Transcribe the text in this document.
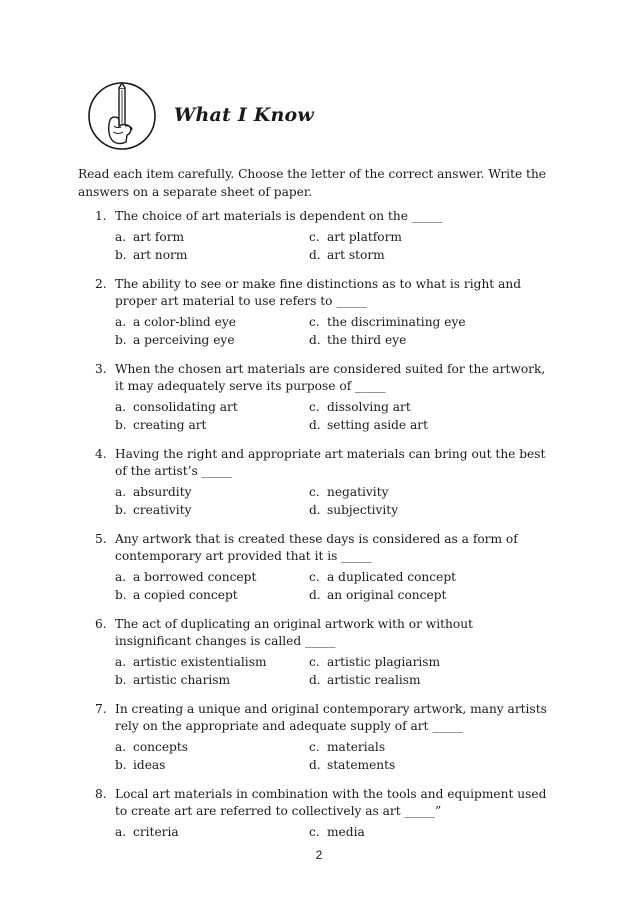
What I Know
Read each item carefully. Choose the letter of the correct answer. Write the answers on a separate sheet of paper.
1. The choice of art materials is dependent on the _____
a. art form	c. art platform
b. art norm	d. art storm
2. The ability to see or make fine distinctions as to what is right and proper art material to use refers to _____
a. a color-blind eye	c. the discriminating eye
b. a perceiving eye	d. the third eye
3. When the chosen art materials are considered suited for the artwork, it may adequately serve its purpose of _____
a. consolidating art	c. dissolving art
b. creating art	d. setting aside art
4. Having the right and appropriate art materials can bring out the best of the artist’s _____
a. absurdity	c. negativity
b. creativity	d. subjectivity
5. Any artwork that is created these days is considered as a form of contemporary art provided that it is _____
a. a borrowed concept	c. a duplicated concept
b. a copied concept	d. an original concept
6. The act of duplicating an original artwork with or without insignificant changes is called _____
a. artistic existentialism	c. artistic plagiarism
b. artistic charism	d. artistic realism
7. In creating a unique and original contemporary artwork, many artists rely on the appropriate and adequate supply of art _____
a. concepts	c. materials
b. ideas	d. statements
8. Local art materials in combination with the tools and equipment used to create art are referred to collectively as art _____”
a. criteria	c. media
2
